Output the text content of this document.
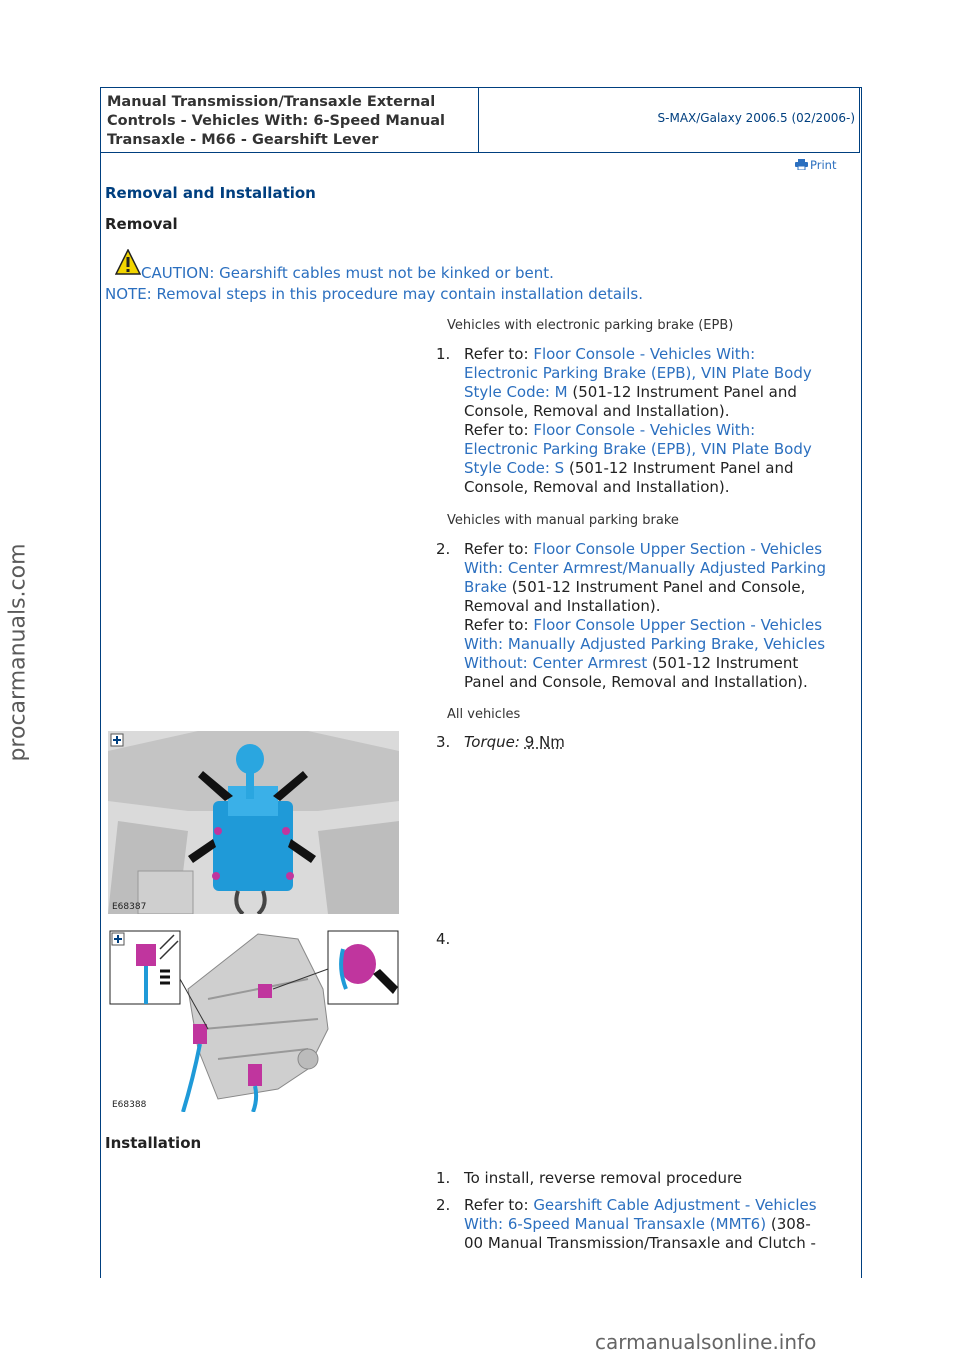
Manual Transmission/Transaxle External
Controls - Vehicles With: 6-Speed Manual
Transaxle - M66 - Gearshift Lever
S-MAX/Galaxy 2006.5 (02/2006-)
Print
Removal and Installation
Removal
CAUTION: Gearshift cables must not be kinked or bent.
NOTE: Removal steps in this procedure may contain installation details.
Vehicles with electronic parking brake (EPB)
1. Refer to: Floor Console - Vehicles With:
Electronic Parking Brake (EPB), VIN Plate Body
Style Code: M (501-12 Instrument Panel and
Console, Removal and Installation).
Refer to: Floor Console - Vehicles With:
Electronic Parking Brake (EPB), VIN Plate Body
Style Code: S (501-12 Instrument Panel and
Console, Removal and Installation).
Vehicles with manual parking brake
2. Refer to: Floor Console Upper Section - Vehicles
With: Center Armrest/Manually Adjusted Parking
Brake (501-12 Instrument Panel and Console,
Removal and Installation).
Refer to: Floor Console Upper Section - Vehicles
With: Manually Adjusted Parking Brake, Vehicles
Without: Center Armrest (501-12 Instrument
Panel and Console, Removal and Installation).
All vehicles
E68387
3. Torque: 9 Nm
E68388
4.
Installation
1. To install, reverse removal procedure
2. Refer to: Gearshift Cable Adjustment - Vehicles
With: 6-Speed Manual Transaxle (MMT6) (308-
00 Manual Transmission/Transaxle and Clutch -
procarmanuals.com
carmanualsonline.info
